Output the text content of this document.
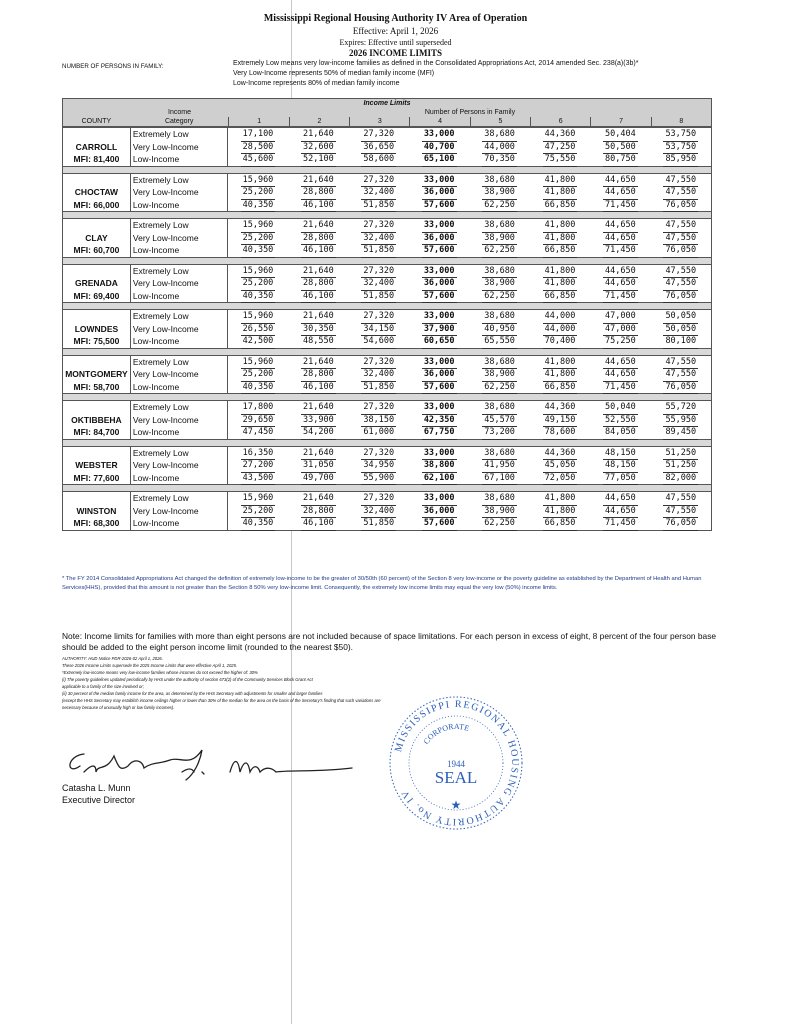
Mississippi Regional Housing Authority IV Area of Operation
Effective: April 1, 2026
Expires: Effective until superseded
2026 INCOME LIMITS
NUMBER OF PERSONS IN FAMILY:	Extremely Low means very low-income families as defined in the Consolidated Appropriations Act, 2014 amended Sec. 238(a)(3b)*
Very Low-Income represents 50% of median family income (MFI)
Low-Income represents 80% of median family income
Income Limits
Income	Number of Persons in Family
COUNTY	Category	1	2	3	4	5	6	7	8
Extremely Low	17,100	21,640	27,320	33,000	38,680	44,360	50,404	53,750
CARROLL	Very Low-Income	28,500	32,600	36,650	40,700	44,000	47,250	50,500	53,750
MFI: 81,400	Low-Income	45,600	52,100	58,600	65,100	70,350	75,550	80,750	85,950
Extremely Low	15,960	21,640	27,320	33,000	38,680	41,800	44,650	47,550
CHOCTAW	Very Low-Income	25,200	28,800	32,400	36,000	38,900	41,800	44,650	47,550
MFI: 66,000	Low-Income	40,350	46,100	51,850	57,600	62,250	66,850	71,450	76,050
Extremely Low	15,960	21,640	27,320	33,000	38,680	41,800	44,650	47,550
CLAY	Very Low-Income	25,200	28,800	32,400	36,000	38,900	41,800	44,650	47,550
MFI: 60,700	Low-Income	40,350	46,100	51,850	57,600	62,250	66,850	71,450	76,050
Extremely Low	15,960	21,640	27,320	33,000	38,680	41,800	44,650	47,550
GRENADA	Very Low-Income	25,200	28,800	32,400	36,000	38,900	41,800	44,650	47,550
MFI: 69,400	Low-Income	40,350	46,100	51,850	57,600	62,250	66,850	71,450	76,050
Extremely Low	15,960	21,640	27,320	33,000	38,680	44,000	47,000	50,050
LOWNDES	Very Low-Income	26,550	30,350	34,150	37,900	40,950	44,000	47,000	50,050
MFI: 75,500	Low-Income	42,500	48,550	54,600	60,650	65,550	70,400	75,250	80,100
Extremely Low	15,960	21,640	27,320	33,000	38,680	41,800	44,650	47,550
MONTGOMERY Very Low-Income	25,200	28,800	32,400	36,000	38,900	41,800	44,650	47,550
MFI: 58,700	Low-Income	40,350	46,100	51,850	57,600	62,250	66,850	71,450	76,050
Extremely Low	17,800	21,640	27,320	33,000	38,680	44,360	50,040	55,720
OKTIBBEHA	Very Low-Income	29,650	33,900	38,150	42,350	45,570	49,150	52,550	55,950
MFI: 84,700	Low-Income	47,450	54,200	61,000	67,750	73,200	78,600	84,050	89,450
Extremely Low	16,350	21,640	27,320	33,000	38,680	44,360	48,150	51,250
WEBSTER	Very Low-Income	27,200	31,050	34,950	38,800	41,950	45,050	48,150	51,250
MFI: 77,600	Low-Income	43,500	49,700	55,900	62,100	67,100	72,050	77,050	82,000
Extremely Low	15,960	21,640	27,320	33,000	38,680	41,800	44,650	47,550
WINSTON	Very Low-Income	25,200	28,800	32,400	36,000	38,900	41,800	44,650	47,550
MFI: 68,300	Low-Income	40,350	46,100	51,850	57,600	62,250	66,850	71,450	76,050
* The FY 2014 Consolidated Appropriations Act changed the definition of extremely low-income to be the greater of 30/50th (60 percent) of the Section 8 very low-income or the poverty guideline as established by the Department of Health and Human Services(HHS), provided that this amount is not greater than the Section 8 50% very low-income limit. Consequently, the extremely low income limits may equal the very low (50%) income limits.
Note: Income limits for families with more than eight persons are not included because of space limitations. For each person in excess of eight, 8 percent of the four person base should be added to the eight person income limit (rounded to the nearest $50).
AUTHORITY: HUD Notice PDR-2026-02 April 1, 2026.
These 2026 Income Limits supersede the 2025 Income Limits that were effective April 1, 2025.
*Extremely low-income means very low-income families whose incomes do not exceed the higher of: 30%
(i) The poverty guidelines updated periodically by HHS under the authority of section 673(2) of the Community Services Block Grant Act
applicable to a family of the size involved or;
(ii) 30 percent of the median family income for the area, as determined by the HHS Secretary with adjustments for smaller and larger families
(except the HHS Secretary may establish income ceilings higher or lower than 30% of the median for the area on the basis of the Secretary's finding that such variations are
necessary because of unusually high or low family incomes).
Catasha L. Munn
Executive Director
MISSISSIPPI REGIONAL HOUSING AUTHORITY No. IV
CORPORATE
1944
SEAL
★
